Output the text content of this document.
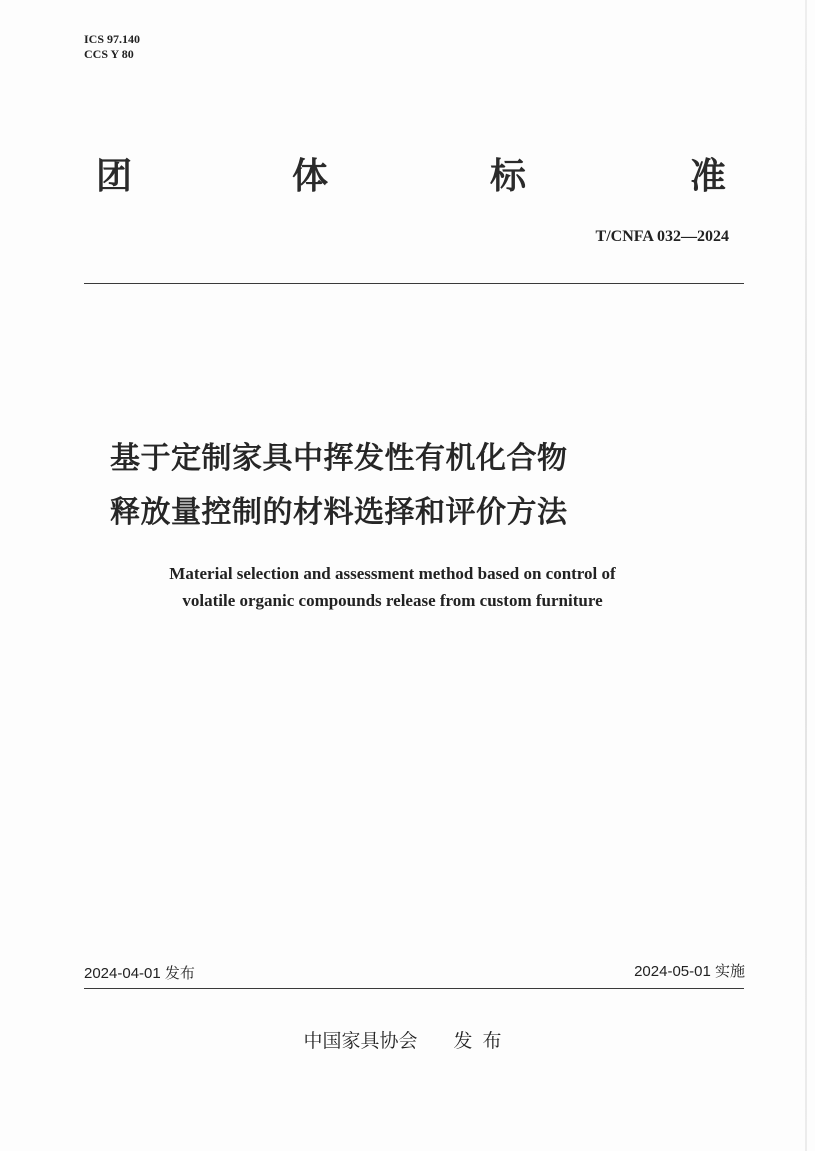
ICS 97.140
CCS Y 80
团	体	标	准
T/CNFA 032—2024
基于定制家具中挥发性有机化合物
释放量控制的材料选择和评价方法
Material selection and assessment method based on control of
volatile organic compounds release from custom furniture
2024-04-01 发布	2024-05-01 实施
中国家具协会 发布
